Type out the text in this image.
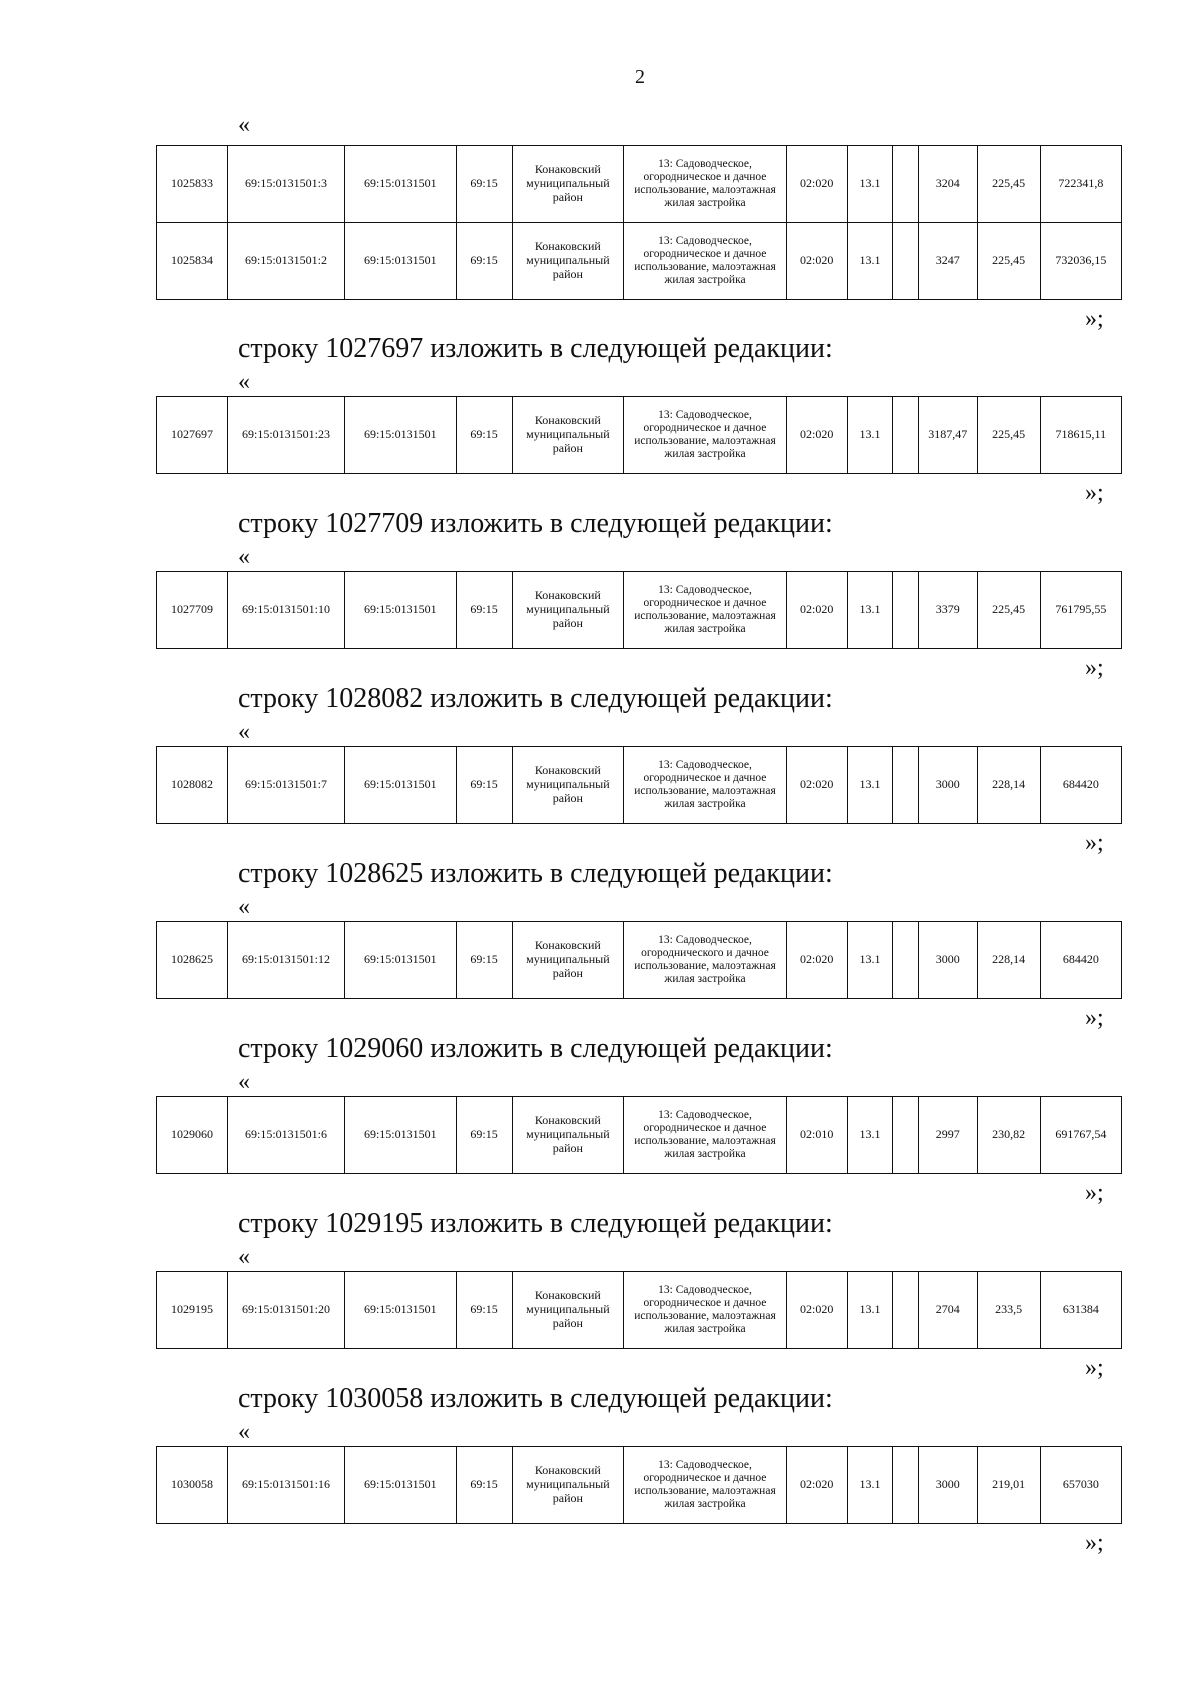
2
«
1025833	69:15:0131501:3	69:15:0131501	69:15	Конаковский муниципальный район	13: Садоводческое, огородническое и дачное использование, малоэтажная жилая застройка	02:020	13.1		3204	225,45	722341,8
1025834	69:15:0131501:2	69:15:0131501	69:15	Конаковский муниципальный район	13: Садоводческое, огородническое и дачное использование, малоэтажная жилая застройка	02:020	13.1		3247	225,45	732036,15
»;
строку 1027697 изложить в следующей редакции:
«
1027697	69:15:0131501:23	69:15:0131501	69:15	Конаковский муниципальный район	13: Садоводческое, огородническое и дачное использование, малоэтажная жилая застройка	02:020	13.1		3187,47	225,45	718615,11
»;
строку 1027709 изложить в следующей редакции:
«
1027709	69:15:0131501:10	69:15:0131501	69:15	Конаковский муниципальный район	13: Садоводческое, огородническое и дачное использование, малоэтажная жилая застройка	02:020	13.1		3379	225,45	761795,55
»;
строку 1028082 изложить в следующей редакции:
«
1028082	69:15:0131501:7	69:15:0131501	69:15	Конаковский муниципальный район	13: Садоводческое, огородническое и дачное использование, малоэтажная жилая застройка	02:020	13.1		3000	228,14	684420
»;
строку 1028625 изложить в следующей редакции:
«
1028625	69:15:0131501:12	69:15:0131501	69:15	Конаковский муниципальный район	13: Садоводческое, огороднического и дачное использование, малоэтажная жилая застройка	02:020	13.1		3000	228,14	684420
»;
строку 1029060 изложить в следующей редакции:
«
1029060	69:15:0131501:6	69:15:0131501	69:15	Конаковский муниципальный район	13: Садоводческое, огородническое и дачное использование, малоэтажная жилая застройка	02:010	13.1		2997	230,82	691767,54
»;
строку 1029195 изложить в следующей редакции:
«
1029195	69:15:0131501:20	69:15:0131501	69:15	Конаковский муниципальный район	13: Садоводческое, огородническое и дачное использование, малоэтажная жилая застройка	02:020	13.1		2704	233,5	631384
»;
строку 1030058 изложить в следующей редакции:
«
1030058	69:15:0131501:16	69:15:0131501	69:15	Конаковский муниципальный район	13: Садоводческое, огородническое и дачное использование, малоэтажная жилая застройка	02:020	13.1		3000	219,01	657030
»;
